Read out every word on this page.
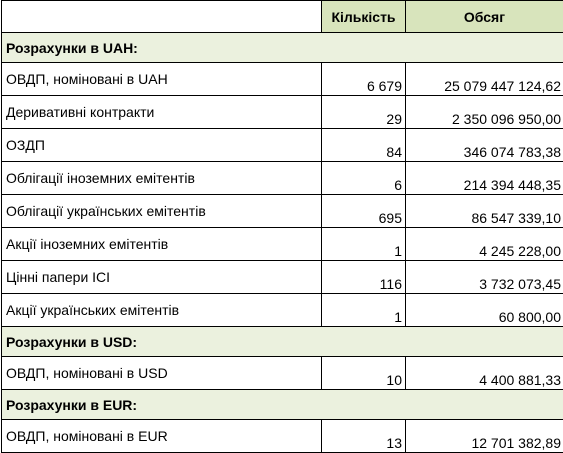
	Кількість	Обсяг
Розрахунки в UAH:		
ОВДП, номіновані в UAH	6 679	25 079 447 124,62
Деривативні контракти	29	2 350 096 950,00
ОЗДП	84	346 074 783,38
Облігації іноземних емітентів	6	214 394 448,35
Облігації українських емітентів	695	86 547 339,10
Акції іноземних емітентів	1	4 245 228,00
Цінні папери ІСІ	116	3 732 073,45
Акції українських емітентів	1	60 800,00
Розрахунки в USD:		
ОВДП, номіновані в USD	10	4 400 881,33
Розрахунки в EUR:		
ОВДП, номіновані в EUR	13	12 701 382,89
